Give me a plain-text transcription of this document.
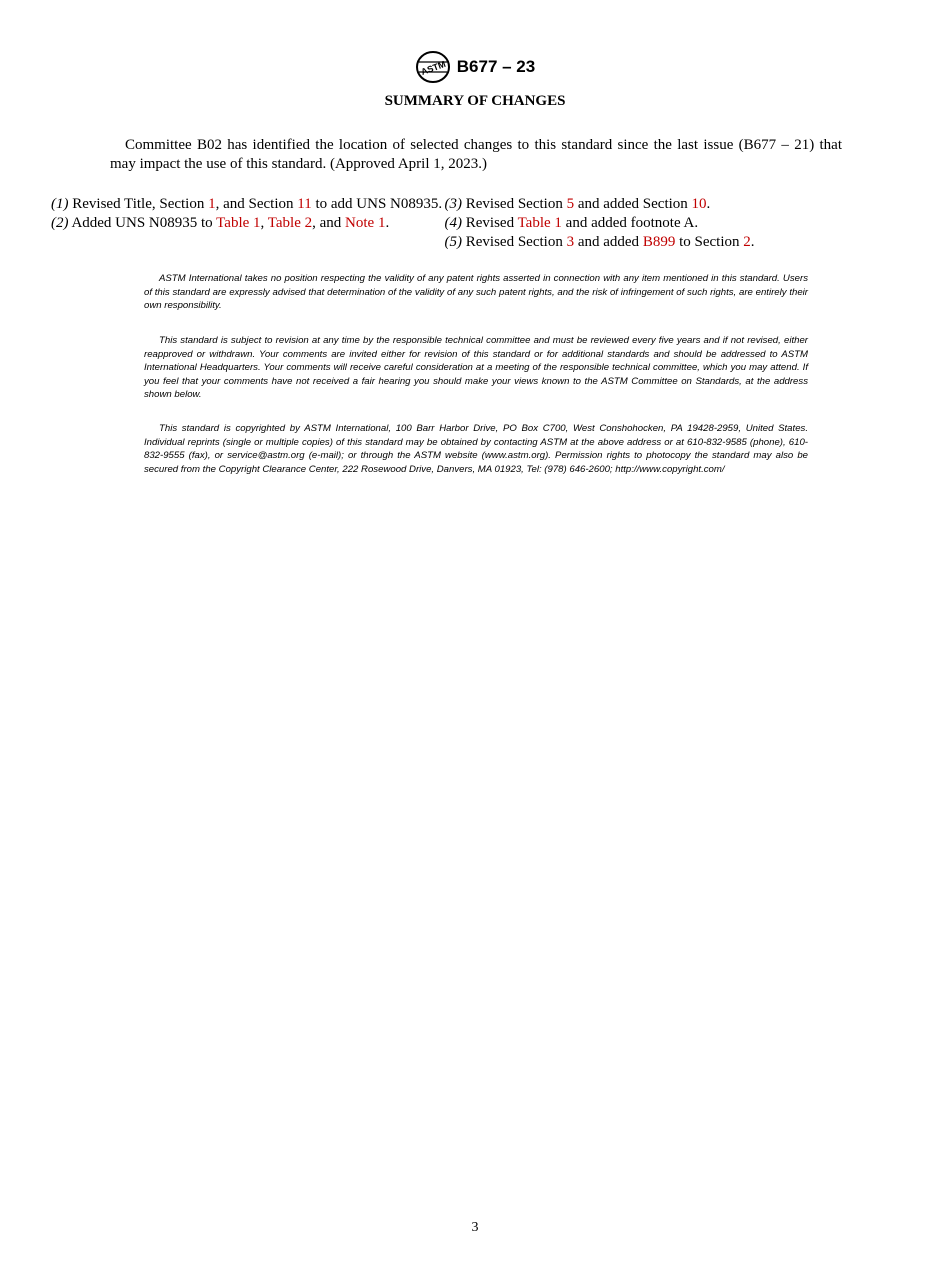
ASTM B677 – 23
SUMMARY OF CHANGES

Committee B02 has identified the location of selected changes to this standard since the last issue (B677 – 21) that may impact the use of this standard. (Approved April 1, 2023.)

(1) Revised Title, Section 1, and Section 11 to add UNS N08935.

(2) Added UNS N08935 to Table 1, Table 2, and Note 1.

(3) Revised Section 5 and added Section 10.

(4) Revised Table 1 and added footnote A.

(5) Revised Section 3 and added B899 to Section 2.

ASTM International takes no position respecting the validity of any patent rights asserted in connection with any item mentioned in this standard. Users of this standard are expressly advised that determination of the validity of any such patent rights, and the risk of infringement of such rights, are entirely their own responsibility.

This standard is subject to revision at any time by the responsible technical committee and must be reviewed every five years and if not revised, either reapproved or withdrawn. Your comments are invited either for revision of this standard or for additional standards and should be addressed to ASTM International Headquarters. Your comments will receive careful consideration at a meeting of the responsible technical committee, which you may attend. If you feel that your comments have not received a fair hearing you should make your views known to the ASTM Committee on Standards, at the address shown below.

This standard is copyrighted by ASTM International, 100 Barr Harbor Drive, PO Box C700, West Conshohocken, PA 19428-2959, United States. Individual reprints (single or multiple copies) of this standard may be obtained by contacting ASTM at the above address or at 610-832-9585 (phone), 610-832-9555 (fax), or service@astm.org (e-mail); or through the ASTM website (www.astm.org). Permission rights to photocopy the standard may also be secured from the Copyright Clearance Center, 222 Rosewood Drive, Danvers, MA 01923, Tel: (978) 646-2600; http://www.copyright.com/

3
